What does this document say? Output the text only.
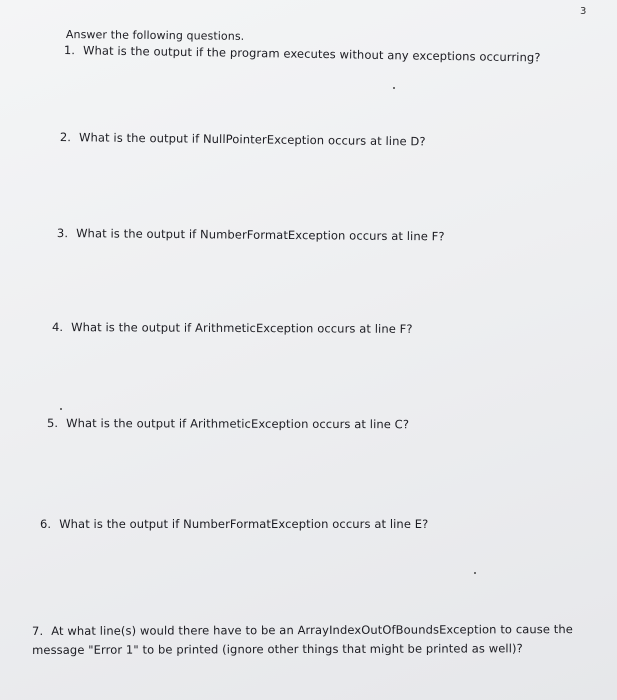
3
Answer the following questions.
1. What is the output if the program executes without any exceptions occurring?
2. What is the output if NullPointerException occurs at line D?
3. What is the output if NumberFormatException occurs at line F?
4. What is the output if ArithmeticException occurs at line F?
5. What is the output if ArithmeticException occurs at line C?
6. What is the output if NumberFormatException occurs at line E?
7. At what line(s) would there have to be an ArrayIndexOutOfBoundsException to cause the message "Error 1" to be printed (ignore other things that might be printed as well)?
